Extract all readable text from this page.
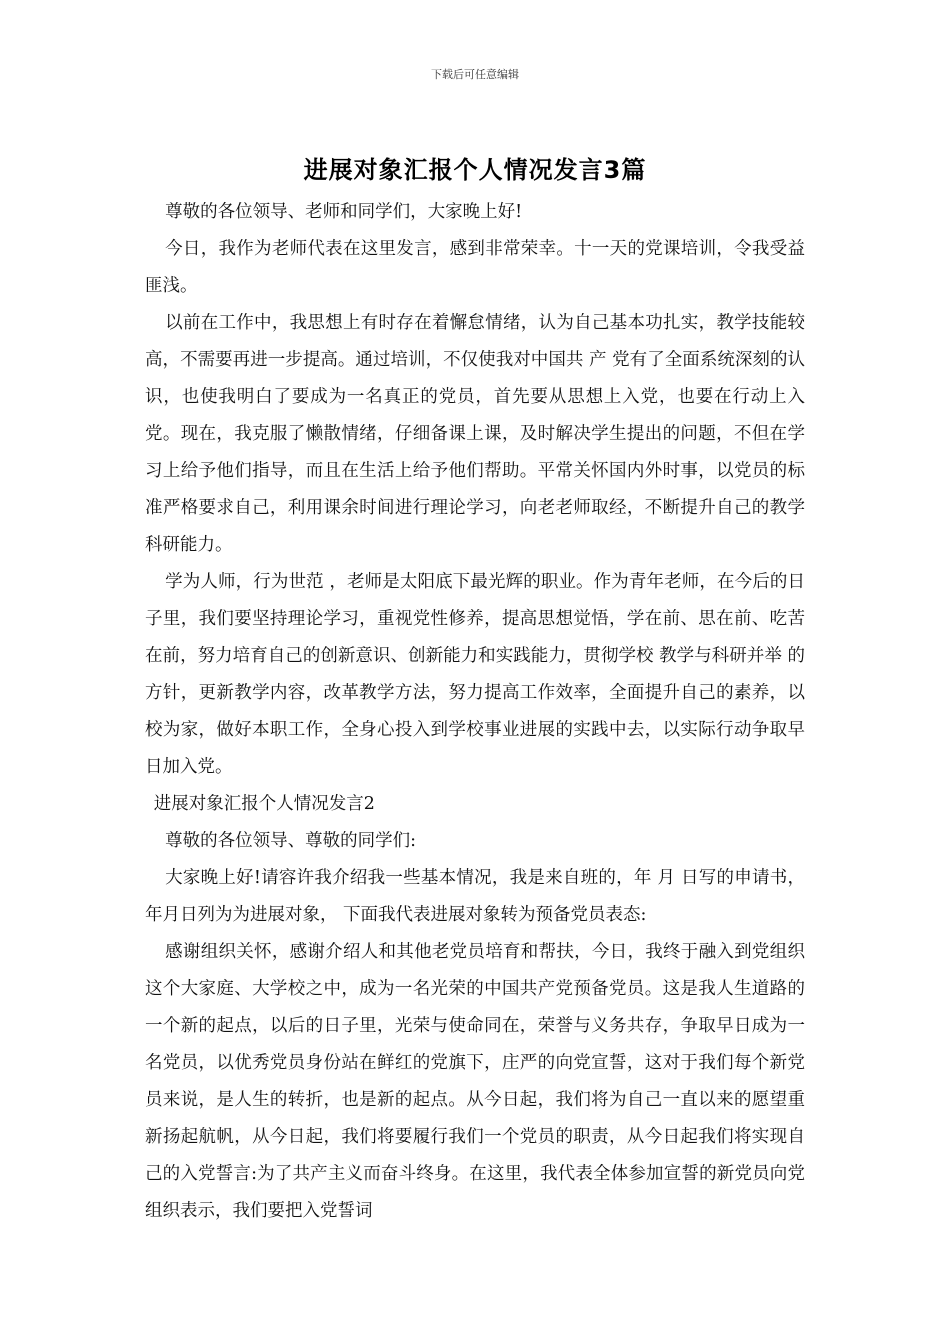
下载后可任意编辑
进展对象汇报个人情况发言3篇

尊敬的各位领导、老师和同学们，大家晚上好!

今日，我作为老师代表在这里发言，感到非常荣幸。十一天的党课培训，令我受益匪浅。

以前在工作中，我思想上有时存在着懈怠情绪，认为自己基本功扎实，教学技能较高，不需要再进一步提高。通过培训，不仅使我对中国共 产 党有了全面系统深刻的认识，也使我明白了要成为一名真正的党员，首先要从思想上入党，也要在行动上入党。现在，我克服了懒散情绪，仔细备课上课，及时解决学生提出的问题，不但在学习上给予他们指导，而且在生活上给予他们帮助。平常关怀国内外时事，以党员的标准严格要求自己，利用课余时间进行理论学习，向老老师取经，不断提升自己的教学科研能力。

学为人师，行为世范 ，老师是太阳底下最光辉的职业。作为青年老师，在今后的日子里，我们要坚持理论学习，重视党性修养，提高思想觉悟，学在前、思在前、吃苦在前，努力培育自己的创新意识、创新能力和实践能力，贯彻学校 教学与科研并举 的方针，更新教学内容，改革教学方法，努力提高工作效率，全面提升自己的素养，以校为家，做好本职工作，全身心投入到学校事业进展的实践中去，以实际行动争取早日加入党。

进展对象汇报个人情况发言2

尊敬的各位领导、尊敬的同学们:

大家晚上好!请容许我介绍我一些基本情况，我是来自班的，年 月 日写的申请书， 年月日列为为进展对象， 下面我代表进展对象转为预备党员表态:

感谢组织关怀，感谢介绍人和其他老党员培育和帮扶，今日，我终于融入到党组织这个大家庭、大学校之中，成为一名光荣的中国共产党预备党员。这是我人生道路的一个新的起点，以后的日子里，光荣与使命同在，荣誉与义务共存，争取早日成为一名党员，以优秀党员身份站在鲜红的党旗下，庄严的向党宣誓，这对于我们每个新党员来说，是人生的转折，也是新的起点。从今日起，我们将为自己一直以来的愿望重新扬起航帆，从今日起，我们将要履行我们一个党员的职责，从今日起我们将实现自己的入党誓言:为了共产主义而奋斗终身。在这里，我代表全体参加宣誓的新党员向党组织表示，我们要把入党誓词
